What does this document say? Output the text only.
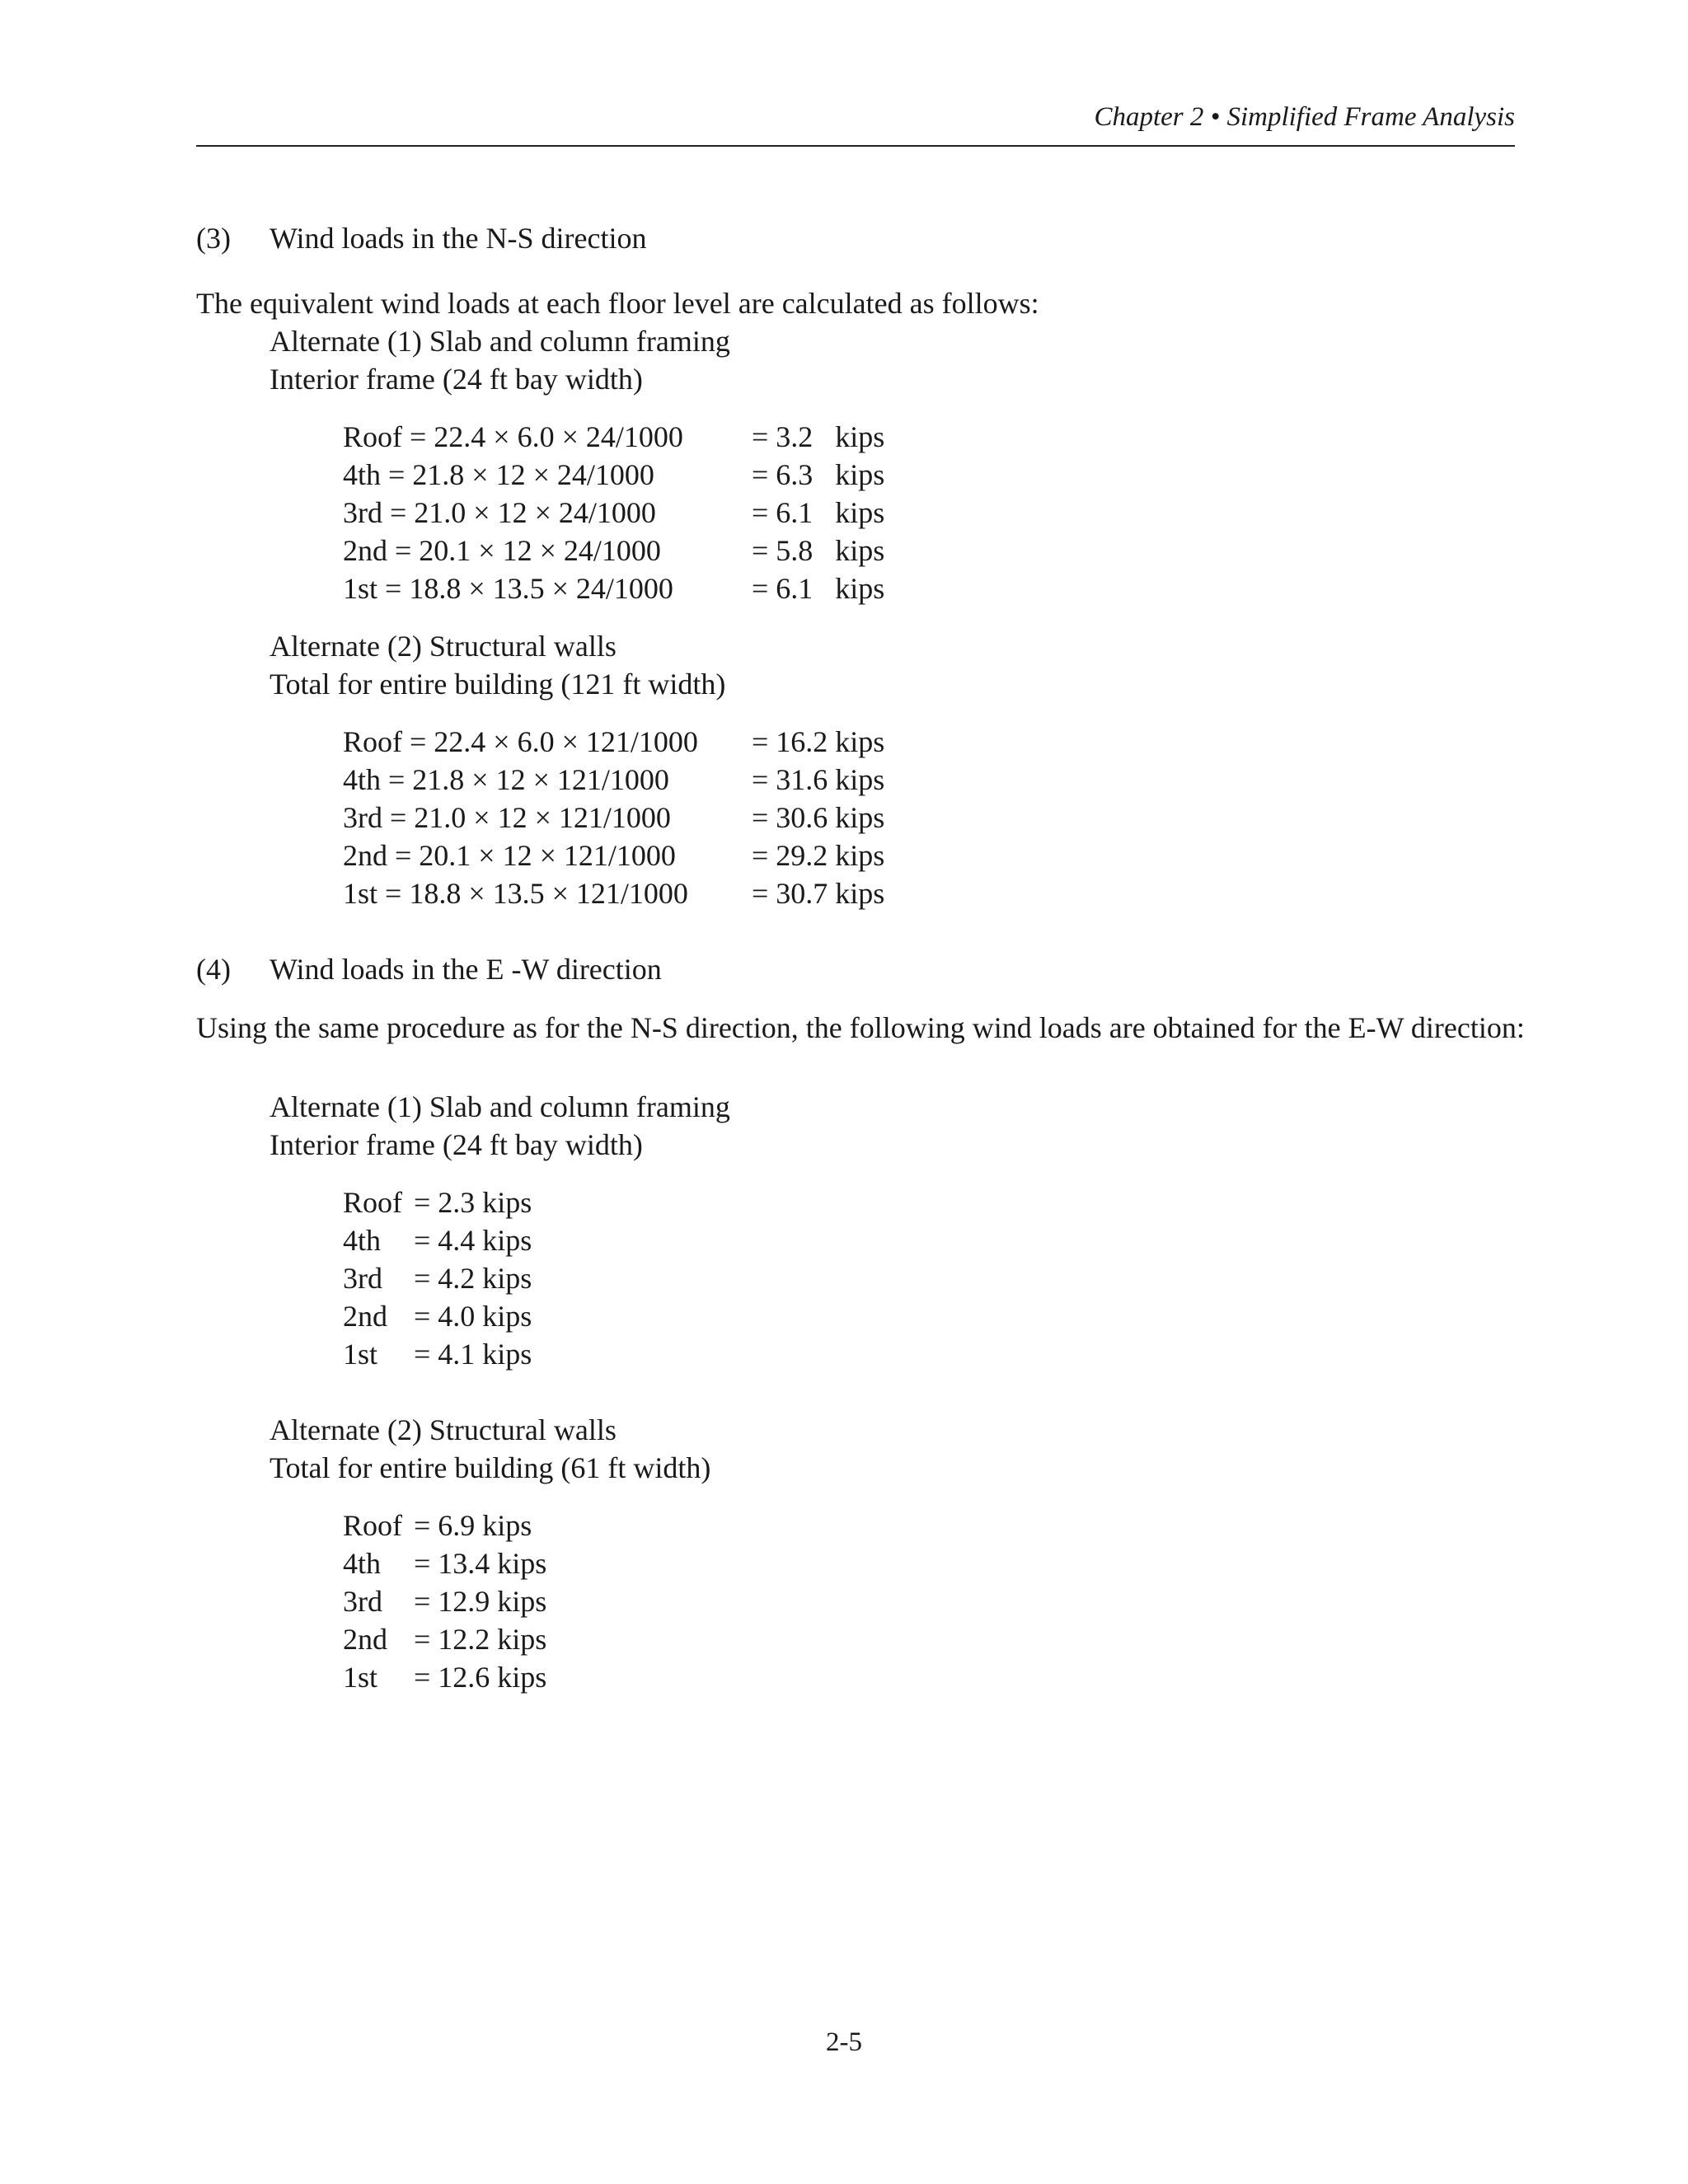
Chapter 2 • Simplified Frame Analysis
(3) Wind loads in the N-S direction
The equivalent wind loads at each floor level are calculated as follows:
Alternate (1) Slab and column framing
Interior frame (24 ft bay width)
Roof = 22.4 × 6.0 × 24/1000 = 3.2   kips
4th = 21.8 × 12 × 24/1000	= 6.3   kips
3rd = 21.0 × 12 × 24/1000	= 6.1   kips
2nd = 20.1 × 12 × 24/1000	= 5.8   kips
1st = 18.8 × 13.5 × 24/1000	= 6.1   kips
Alternate (2) Structural walls
Total for entire building (121 ft width)
Roof = 22.4 × 6.0 × 121/1000 = 16.2 kips
4th = 21.8 × 12 × 121/1000	= 31.6 kips
3rd = 21.0 × 12 × 121/1000	= 30.6 kips
2nd = 20.1 × 12 × 121/1000	= 29.2 kips
1st = 18.8 × 13.5 × 121/1000 = 30.7 kips
(4) Wind loads in the E -W direction
Using the same procedure as for the N-S direction, the following wind loads are obtained for the E-W direction:
Alternate (1) Slab and column framing
Interior frame (24 ft bay width)
Roof = 2.3 kips
4th = 4.4 kips
3rd = 4.2 kips
2nd = 4.0 kips
1st = 4.1 kips
Alternate (2) Structural walls
Total for entire building (61 ft width)
Roof = 6.9 kips
4th = 13.4 kips
3rd = 12.9 kips
2nd = 12.2 kips
1st = 12.6 kips
2-5
